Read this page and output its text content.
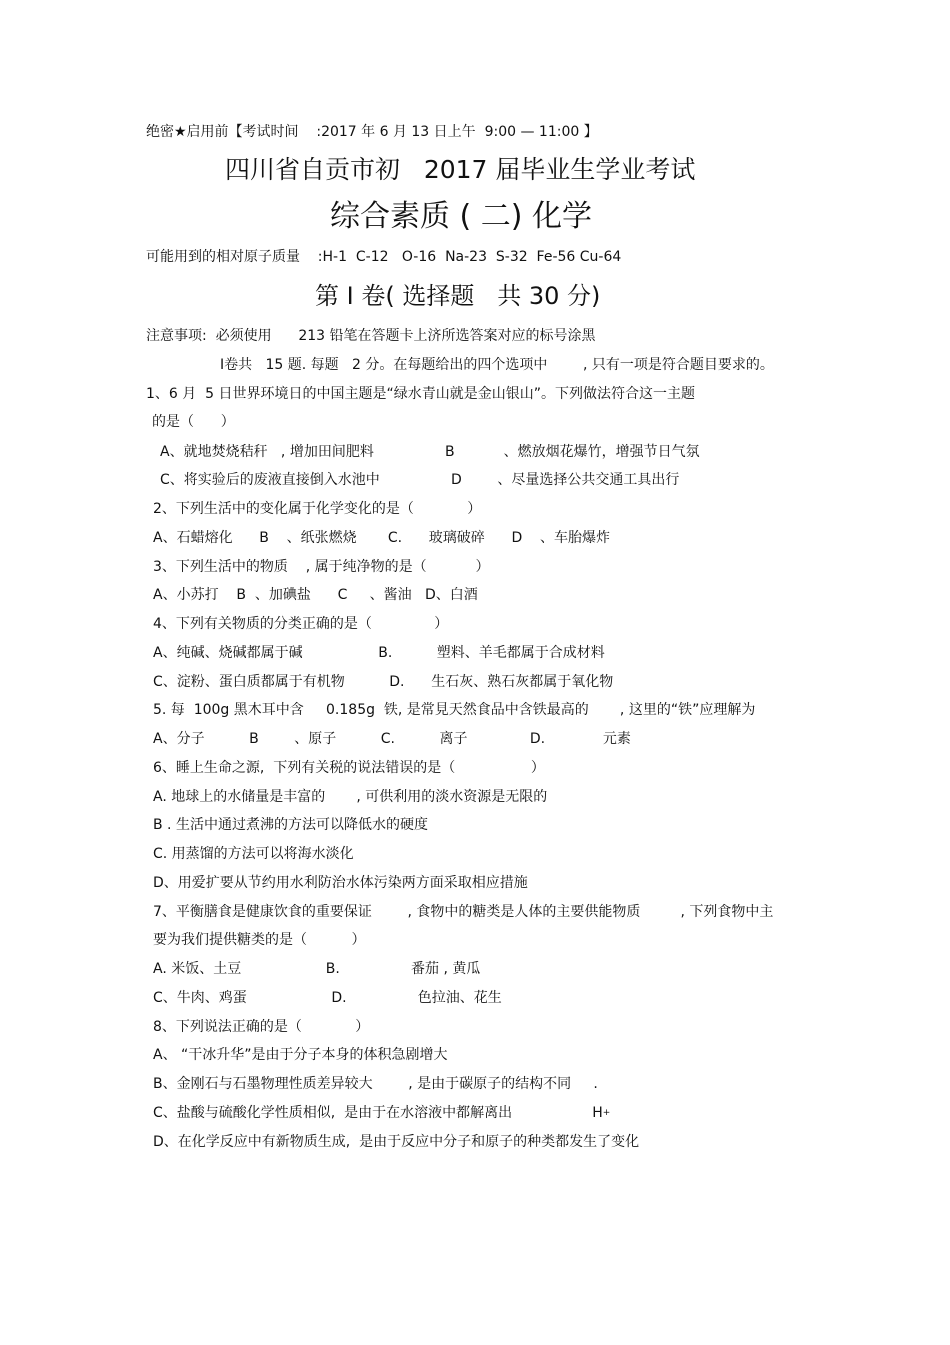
绝密★启用前【考试时间    :2017 年 6 月 13 日上午  9:00 — 11:00 】
四川省自贡市初   2017 届毕业生学业考试
综合素质 ( 二) 化学
可能用到的相对原子质量    :H-1  C-12   O-16  Na-23  S-32  Fe-56 Cu-64
第 Ⅰ 卷( 选择题   共 30 分)
注意事项:  必须使用      213 铅笔在答题卡上济所选答案对应的标号涂黑
Ⅰ卷共   15 题. 每题   2 分。在每题给出的四个选项中        , 只有一项是符合题目要求的。
1、6 月  5 日世界环境日的中国主题是“绿水青山就是金山银山”。下列做法符合这一主题
的是（      ）
A、就地焚烧秸秆   , 增加田间肥料                B           、燃放烟花爆竹，增强节日气氛
C、将实验后的废液直接倒入水池中                D        、尽量选择公共交通工具出行
2、下列生活中的变化属于化学变化的是（            ）
A、石蜡熔化      B    、纸张燃烧       C.      玻璃破碎      D    、车胎爆炸
3、下列生活中的物质    , 属于纯净物的是（           ）
A、小苏打    B  、加碘盐      C     、酱油   D、白酒
4、下列有关物质的分类正确的是（              ）
A、纯碱、烧碱都属于碱                 B.          塑料、羊毛都属于合成材料
C、淀粉、蛋白质都属于有机物          D.      生石灰、熟石灰都属于氧化物
5. 每  100g 黑木耳中含     0.185g  铁, 是常見天然食品中含铁最高的       , 这里的“铁”应理解为
A、分子          B        、原子          C.          离子              D.             元素
6、睡上生命之源,  下列有关税的说法错误的是（                 ）
A. 地球上的水储量是丰富的       , 可供利用的淡水资源是无限的
B . 生活中通过煮沸的方法可以降低水的硬度
C. 用蒸馏的方法可以将海水淡化
D、用爱扩要从节约用水利防治水体污染两方面采取相应措施
7、平衡膳食是健康饮食的重要保证        , 食物中的糖类是人体的主要供能物质         , 下列食物中主
要为我们提供糖类的是（          ）
A. 米饭、土豆                   B.                番茄 , 黄瓜
C、牛肉、鸡蛋                   D.                色拉油、花生
8、下列说法正确的是（            ）
A、 “干冰升华”是由于分子本身的体积急剧增大
B、金刚石与石墨物理性质差异较大        , 是由于碳原子的结构不同     .
C、盐酸与硫酸化学性质相似,  是由于在水溶液中都解离出                  H+
D、在化学反应中有新物质生成,  是由于反应中分子和原子的种类都发生了变化
